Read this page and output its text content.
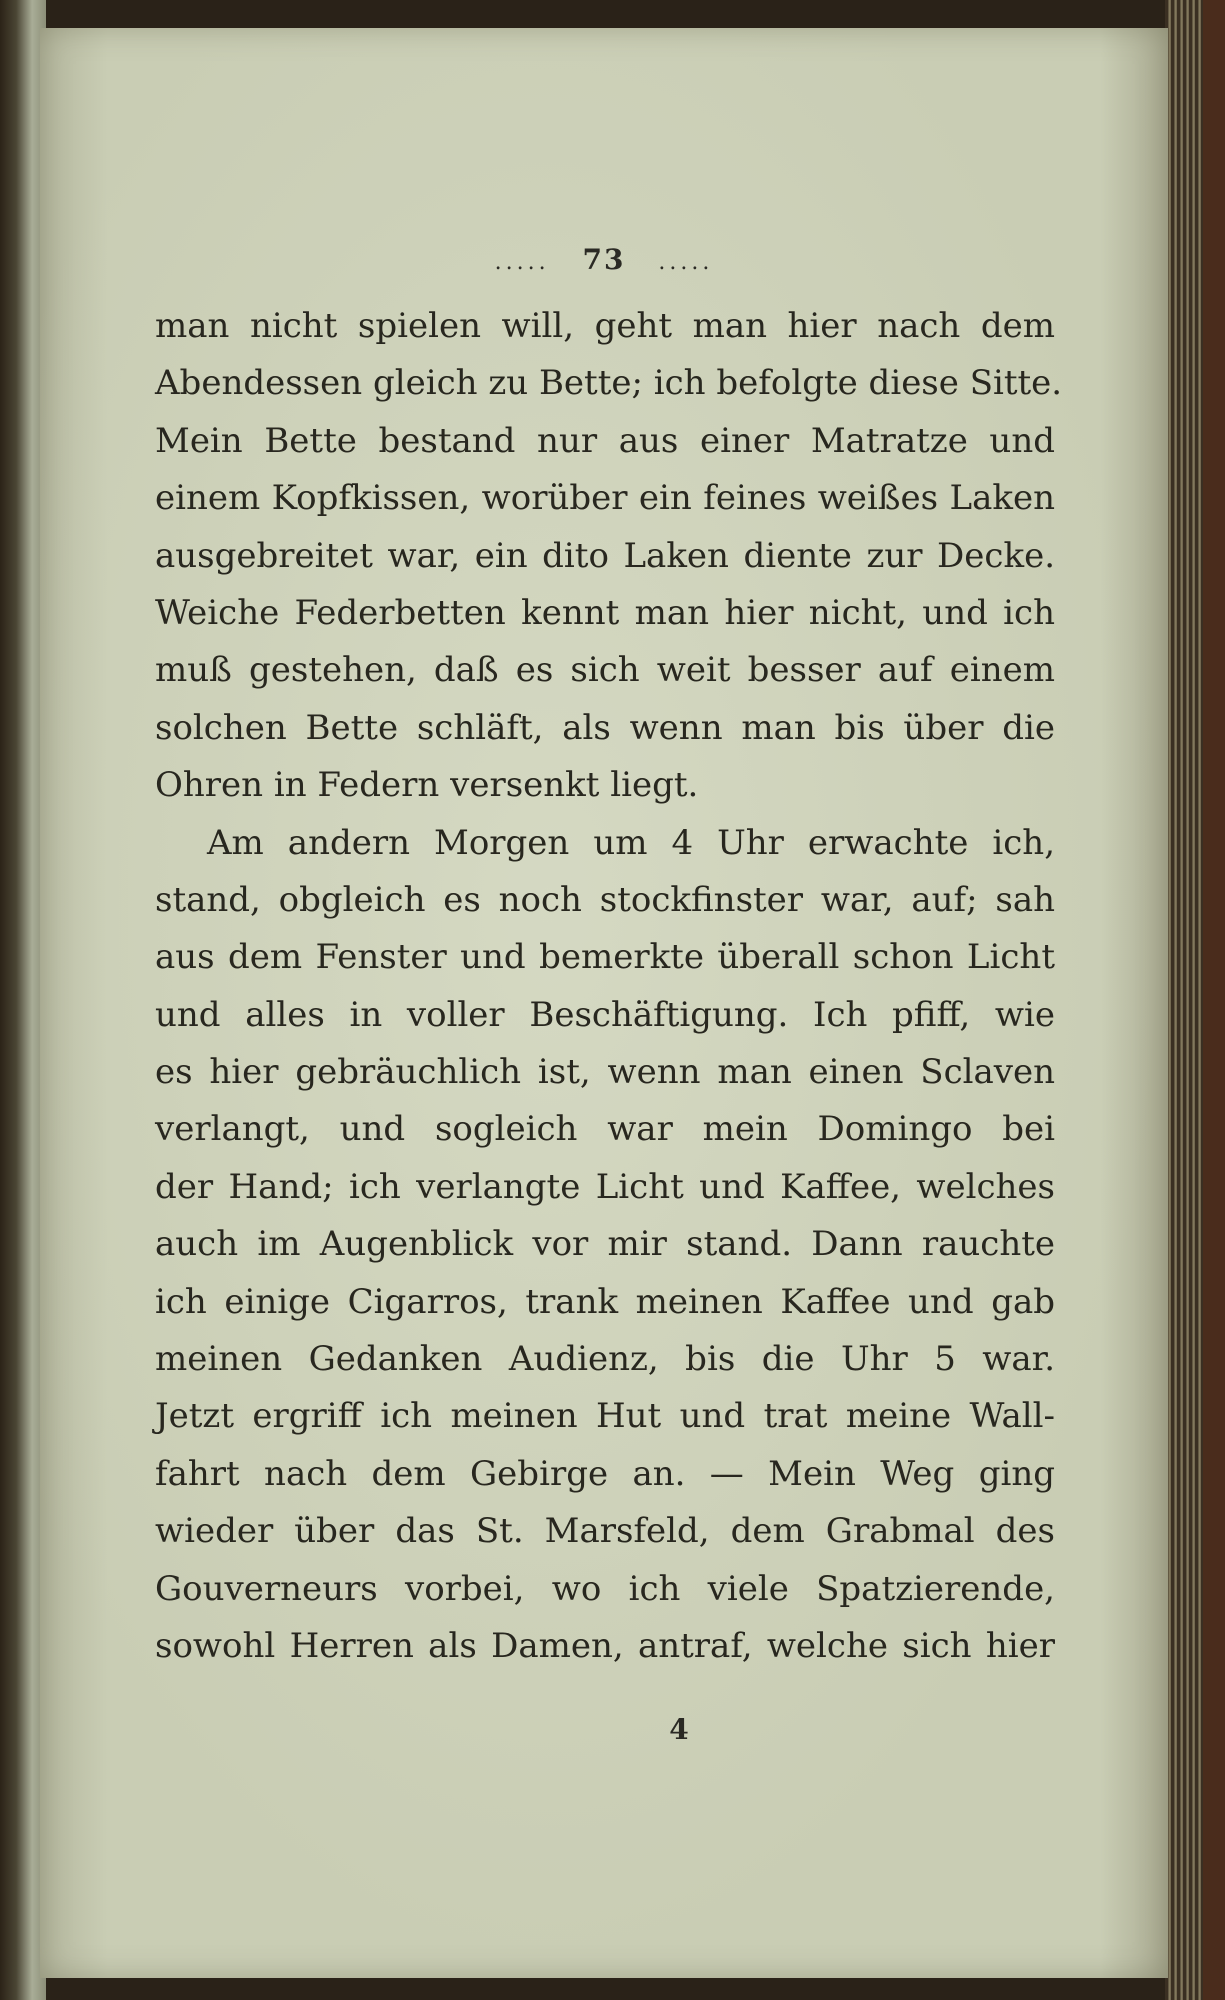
..... 73 .....
man nicht spielen will, geht man hier nach dem
Abendessen gleich zu Bette; ich befolgte diese Sitte.
Mein Bette bestand nur aus einer Matratze und
einem Kopfkissen, worüber ein feines weißes Laken
ausgebreitet war, ein dito Laken diente zur Decke.
Weiche Federbetten kennt man hier nicht, und ich
muß gestehen, daß es sich weit besser auf einem
solchen Bette schläft, als wenn man bis über die
Ohren in Federn versenkt liegt.
Am andern Morgen um 4 Uhr erwachte ich,
stand, obgleich es noch stockfinster war, auf; sah
aus dem Fenster und bemerkte überall schon Licht
und alles in voller Beschäftigung. Ich pfiff, wie
es hier gebräuchlich ist, wenn man einen Sclaven
verlangt, und sogleich war mein Domingo bei
der Hand; ich verlangte Licht und Kaffee, welches
auch im Augenblick vor mir stand. Dann rauchte
ich einige Cigarros, trank meinen Kaffee und gab
meinen Gedanken Audienz, bis die Uhr 5 war.
Jetzt ergriff ich meinen Hut und trat meine Wall-
fahrt nach dem Gebirge an. — Mein Weg ging
wieder über das St. Marsfeld, dem Grabmal des
Gouverneurs vorbei, wo ich viele Spatzierende,
sowohl Herren als Damen, antraf, welche sich hier
4
